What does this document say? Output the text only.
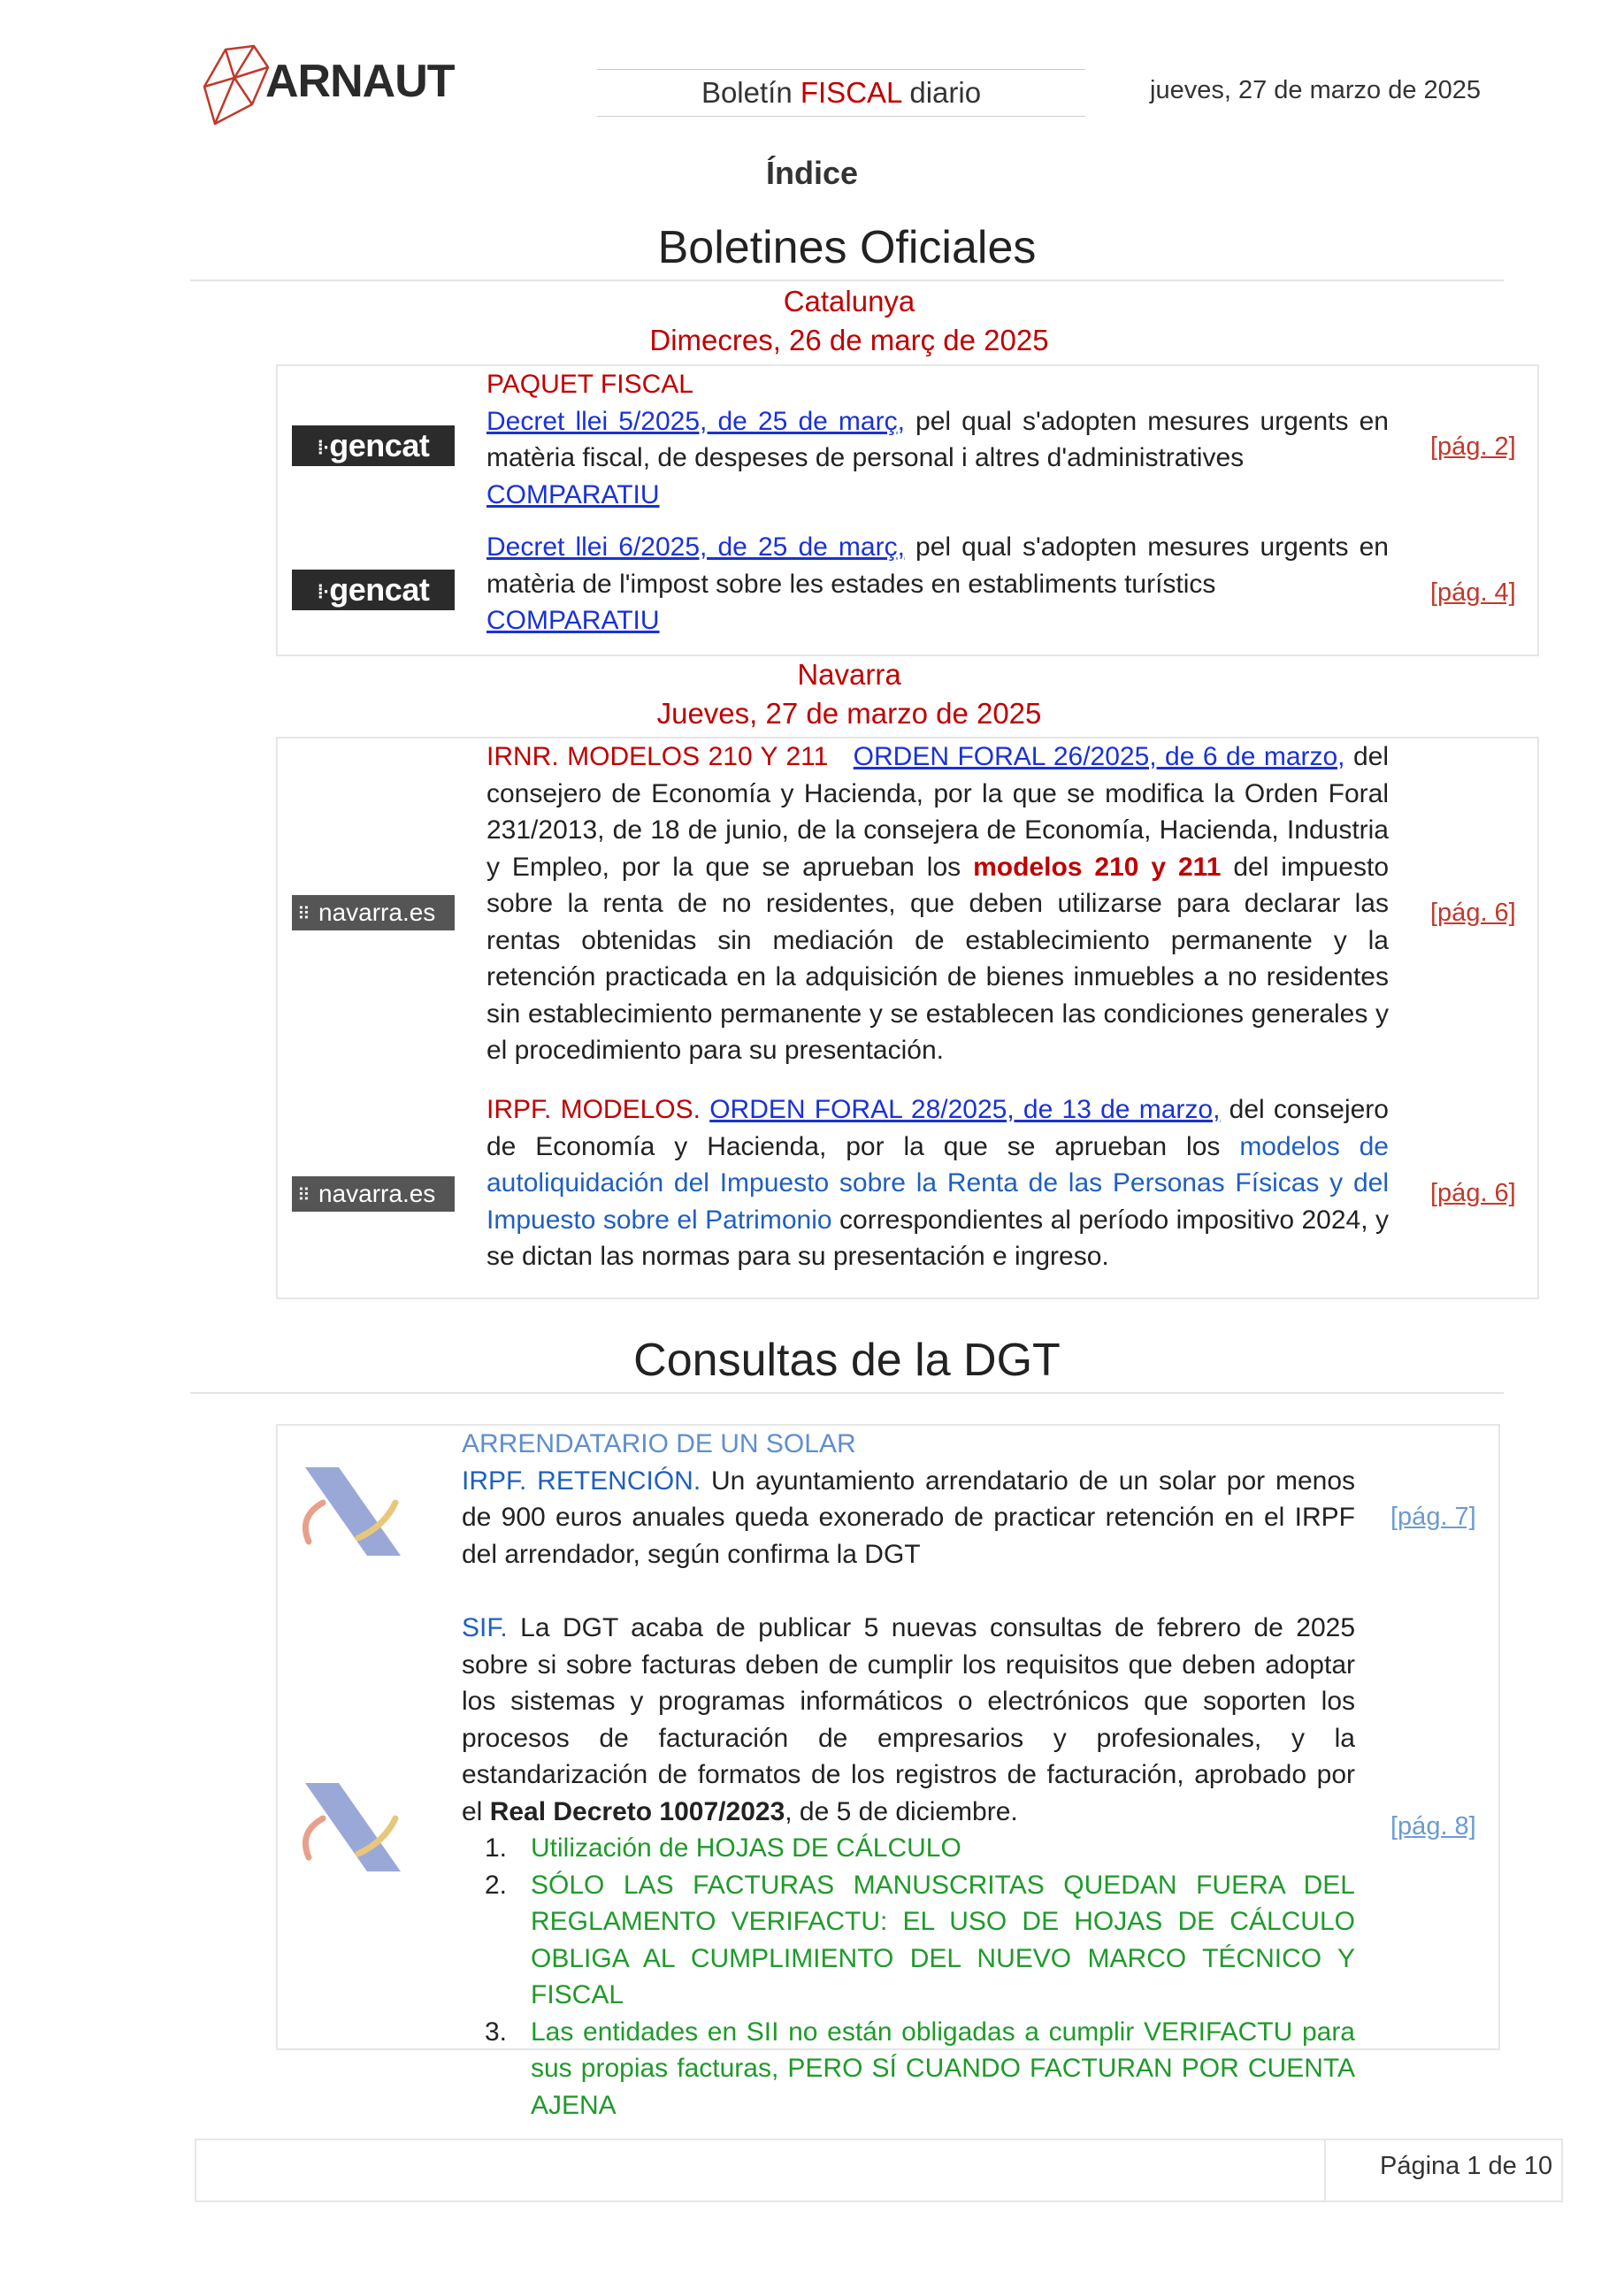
ARNAUT	Boletín FISCAL diario	jueves, 27 de marzo de 2025
Índice
Boletines Oficiales
Catalunya
Dimecres, 26 de març de 2025
⁞·gencat
PAQUET FISCAL
Decret llei 5/2025, de 25 de març, pel qual s'adopten mesures urgents en matèria fiscal, de despeses de personal i altres d'administratives
COMPARATIU
[pág. 2]
⁞·gencat
Decret llei 6/2025, de 25 de març, pel qual s'adopten mesures urgents en matèria de l'impost sobre les estades en establiments turístics
COMPARATIU
[pág. 4]
Navarra
Jueves, 27 de marzo de 2025
⠿ navarra.es
IRNR. MODELOS 210 Y 211 ORDEN FORAL 26/2025, de 6 de marzo, del consejero de Economía y Hacienda, por la que se modifica la Orden Foral 231/2013, de 18 de junio, de la consejera de Economía, Hacienda, Industria y Empleo, por la que se aprueban los modelos 210 y 211 del impuesto sobre la renta de no residentes, que deben utilizarse para declarar las rentas obtenidas sin mediación de establecimiento permanente y la retención practicada en la adquisición de bienes inmuebles a no residentes sin establecimiento permanente y se establecen las condiciones generales y el procedimiento para su presentación.
[pág. 6]
⠿ navarra.es
IRPF. MODELOS. ORDEN FORAL 28/2025, de 13 de marzo, del consejero de Economía y Hacienda, por la que se aprueban los modelos de autoliquidación del Impuesto sobre la Renta de las Personas Físicas y del Impuesto sobre el Patrimonio correspondientes al período impositivo 2024, y se dictan las normas para su presentación e ingreso.
[pág. 6]
Consultas de la DGT
ARRENDATARIO DE UN SOLAR
IRPF. RETENCIÓN. Un ayuntamiento arrendatario de un solar por menos de 900 euros anuales queda exonerado de practicar retención en el IRPF del arrendador, según confirma la DGT
[pág. 7]
SIF. La DGT acaba de publicar 5 nuevas consultas de febrero de 2025 sobre si sobre facturas deben de cumplir los requisitos que deben adoptar los sistemas y programas informáticos o electrónicos que soporten los procesos de facturación de empresarios y profesionales, y la estandarización de formatos de los registros de facturación, aprobado por el Real Decreto 1007/2023, de 5 de diciembre.
1. Utilización de HOJAS DE CÁLCULO
2. SÓLO LAS FACTURAS MANUSCRITAS QUEDAN FUERA DEL REGLAMENTO VERIFACTU: EL USO DE HOJAS DE CÁLCULO OBLIGA AL CUMPLIMIENTO DEL NUEVO MARCO TÉCNICO Y FISCAL
3. Las entidades en SII no están obligadas a cumplir VERIFACTU para sus propias facturas, PERO SÍ CUANDO FACTURAN POR CUENTA AJENA
[pág. 8]
Página 1 de 10
